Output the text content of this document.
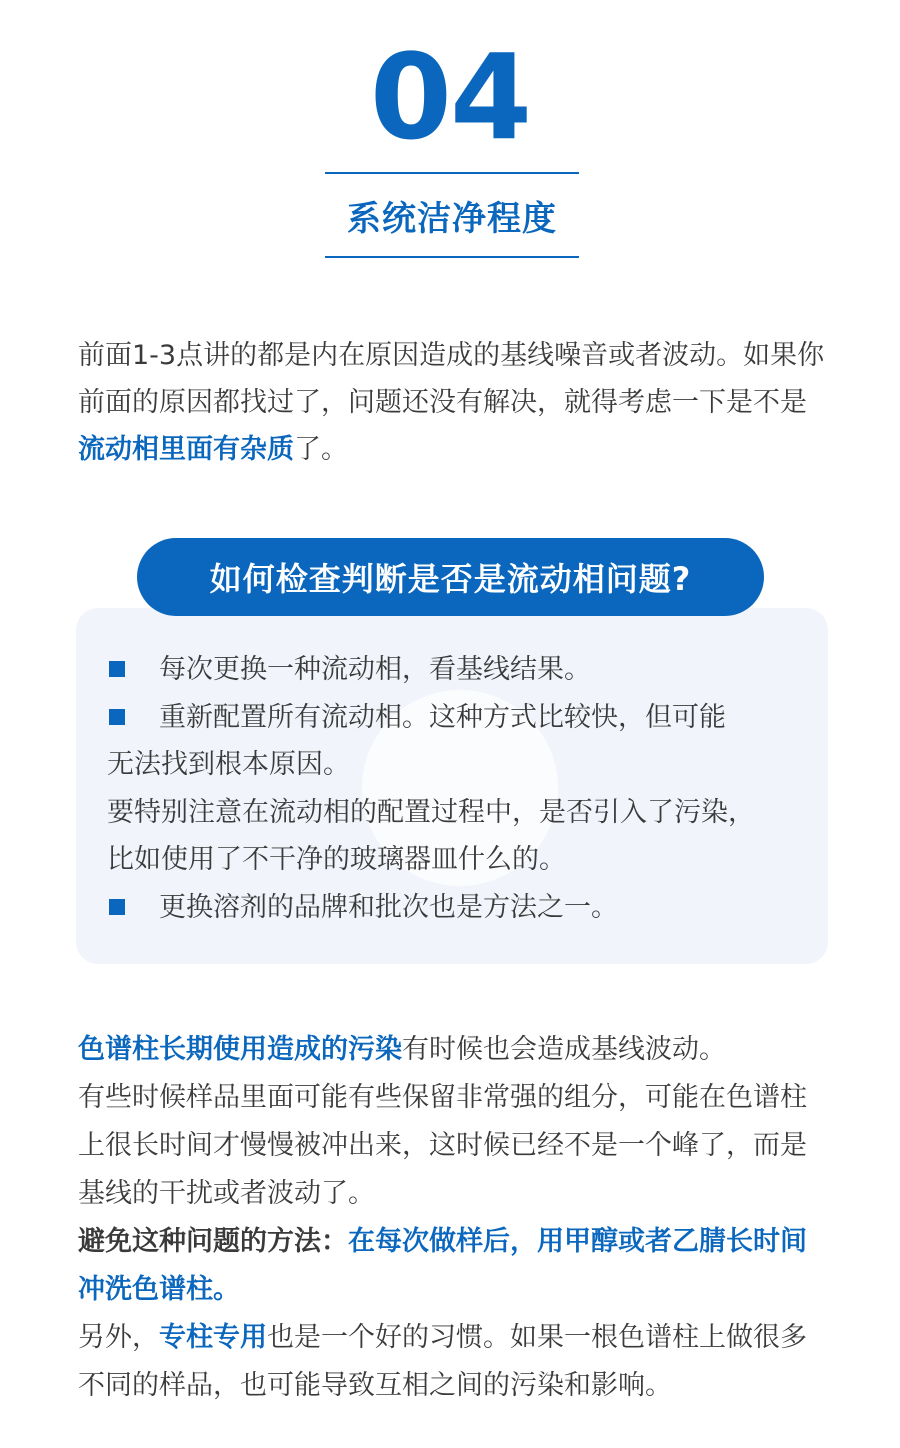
04
系统洁净程度

前面1-3点讲的都是内在原因造成的基线噪音或者波动。如果你前面的原因都找过了，问题还没有解决，就得考虑一下是不是流动相里面有杂质了。

如何检查判断是否是流动相问题?

每次更换一种流动相，看基线结果。

重新配置所有流动相。这种方式比较快，但可能

无法找到根本原因。

要特别注意在流动相的配置过程中，是否引入了污染，

比如使用了不干净的玻璃器皿什么的。

更换溶剂的品牌和批次也是方法之一。

色谱柱长期使用造成的污染有时候也会造成基线波动。

有些时候样品里面可能有些保留非常强的组分，可能在色谱柱上很长时间才慢慢被冲出来，这时候已经不是一个峰了，而是基线的干扰或者波动了。

避免这种问题的方法：在每次做样后，用甲醇或者乙腈长时间冲洗色谱柱。

另外，专柱专用也是一个好的习惯。如果一根色谱柱上做很多不同的样品，也可能导致互相之间的污染和影响。
